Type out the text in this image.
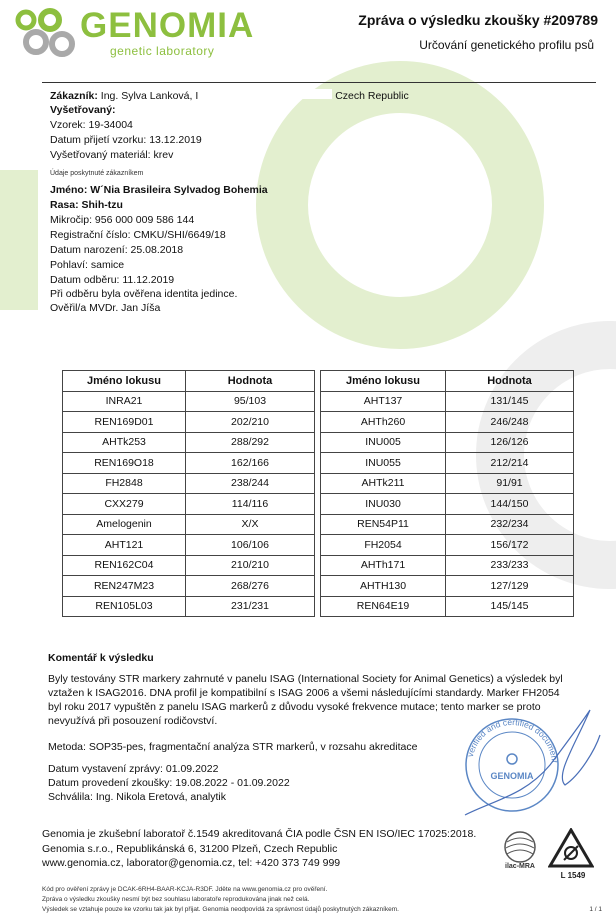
GENOMIA
genetic laboratory
Zpráva o výsledku zkoušky #209789
Určování genetického profilu psů
Zákazník: Ing. Sylva Lanková, I	Czech Republic
Vyšetřovaný:
Vzorek: 19-34004
Datum přijetí vzorku: 13.12.2019
Vyšetřovaný materiál: krev
Údaje poskytnuté zákazníkem
Jméno: W´Nia Brasileira Sylvadog Bohemia
Rasa: Shih-tzu
Mikročip: 956 000 009 586 144
Registrační číslo: CMKU/SHI/6649/18
Datum narození: 25.08.2018
Pohlaví: samice
Datum odběru: 11.12.2019
Při odběru byla ověřena identita jedince.
Ověřil/a MVDr. Jan Jíša
Jméno lokusu	Hodnota		Jméno lokusu	Hodnota
INRA21	95/103		AHT137	131/145
REN169D01	202/210		AHTh260	246/248
AHTk253	288/292		INU005	126/126
REN169O18	162/166		INU055	212/214
FH2848	238/244		AHTk211	91/91
CXX279	114/116		INU030	144/150
Amelogenin	X/X		REN54P11	232/234
AHT121	106/106		FH2054	156/172
REN162C04	210/210		AHTh171	233/233
REN247M23	268/276		AHTH130	127/129
REN105L03	231/231		REN64E19	145/145
Komentář k výsledku
Byly testovány STR markery zahrnuté v panelu ISAG (International Society for Animal Genetics) a výsledek byl
vztažen k ISAG2016. DNA profil je kompatibilní s ISAG 2006 a všemi následujícími standardy. Marker FH2054
byl roku 2017 vypuštěn z panelu ISAG markerů z důvodu vysoké frekvence mutace; tento marker se proto
nevyužívá při posouzení rodičovství.
Metoda: SOP35-pes, fragmentační analýza STR markerů, v rozsahu akreditace
Datum vystavení zprávy: 01.09.2022
Datum provedení zkoušky: 19.08.2022 - 01.09.2022
Schválila: Ing. Nikola Eretová, analytik
verified and certified document
GENOMIA
Genomia je zkušební laboratoř č.1549 akreditovaná ČIA podle ČSN EN ISO/IEC 17025:2018.
Genomia s.r.o., Republikánská 6, 31200 Plzeň, Czech Republic
www.genomia.cz, laborator@genomia.cz, tel: +420 373 749 999	ilac-MRA
L 1549
Kód pro ověření zprávy je DCAK-6RH4-BAAR-KCJA-R3DF. Jděte na www.genomia.cz pro ověření.
Zpráva o výsledku zkoušky nesmí být bez souhlasu laboratoře reprodukována jinak než celá.
Výsledek se vztahuje pouze ke vzorku tak jak byl přijat. Genomia neodpovídá za správnost údajů poskytnutých zákazníkem.	1 / 1
